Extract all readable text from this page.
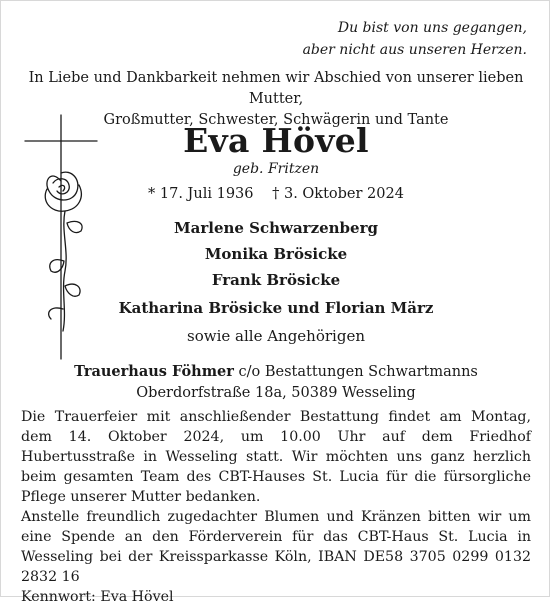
Du bist von uns gegangen,
aber nicht aus unseren Herzen.
In Liebe und Dankbarkeit nehmen wir Abschied von unserer lieben Mutter,
Großmutter, Schwester, Schwägerin und Tante
Eva Hövel
geb. Fritzen
* 17. Juli 1936 † 3. Oktober 2024
Marlene Schwarzenberg
Monika Brösicke
Frank Brösicke
Katharina Brösicke und Florian März
sowie alle Angehörigen
Trauerhaus Föhmer c/o Bestattungen Schwartmanns
Oberdorfstraße 18a, 50389 Wesseling

Die Trauerfeier mit anschließender Bestattung findet am Montag, dem 14. Oktober 2024, um 10.00 Uhr auf dem Friedhof Hubertusstraße in Wesseling statt. Wir möchten uns ganz herzlich beim gesamten Team des CBT-Hauses St. Lucia für die fürsorgliche Pflege unserer Mutter bedanken.

Anstelle freundlich zugedachter Blumen und Kränzen bitten wir um eine Spende an den Förderverein für das CBT-Haus St. Lucia in Wesseling bei der Kreissparkasse Köln, IBAN DE58 3705 0299 0132 2832 16

Kennwort: Eva Hövel
